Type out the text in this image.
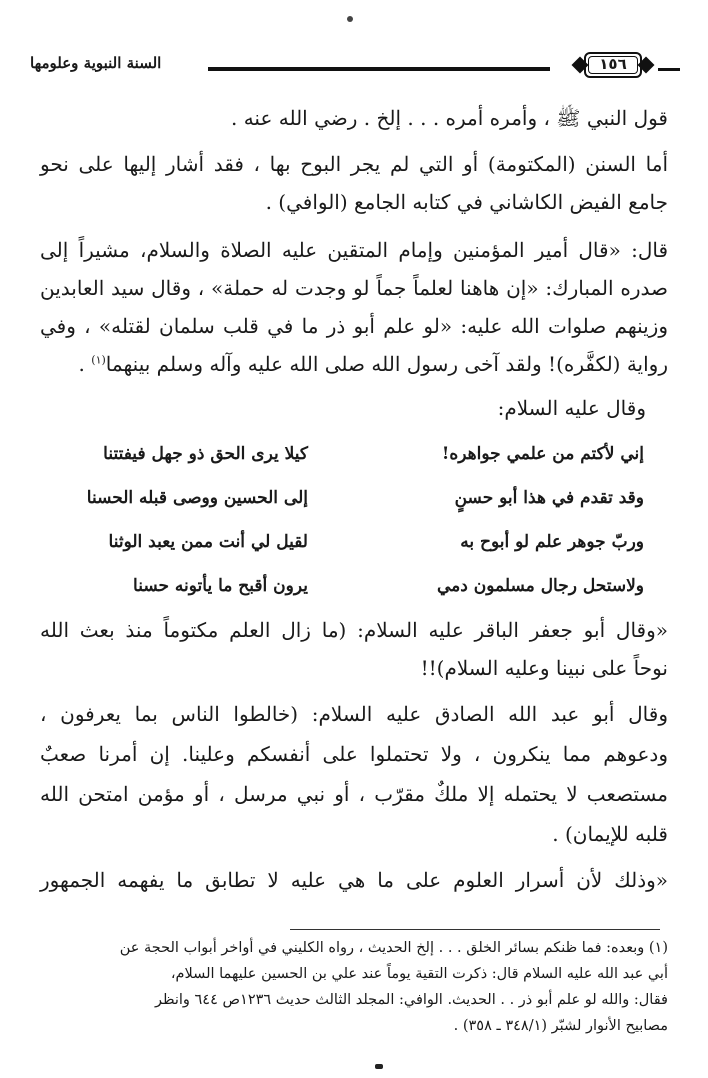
السنة النبوية وعلومها	١٥٦
قول النبي ﷺ ، وأمره أمره . . . إلخ . رضي الله عنه .
أما السنن (المكتومة) أو التي لم يجر البوح بها ، فقد أشار إليها على نحو
جامع الفيض الكاشاني في كتابه الجامع (الوافي) .
قال: «قال أمير المؤمنين وإمام المتقين عليه الصلاة والسلام، مشيراً إلى
صدره المبارك: «إن هاهنا لعلماً جماً لو وجدت له حملة» ، وقال سيد العابدين
وزينهم صلوات الله عليه: «لو علم أبو ذر ما في قلب سلمان لقتله» ، وفي
رواية (لكفَّره)! ولقد آخى رسول الله صلى الله عليه وآله وسلم بينهما$^{(١)}$ .
وقال عليه السلام:
إني لأكتم من علمي جواهره!
كيلا يرى الحق ذو جهل فيفتتنا
وقد تقدم في هذا أبو حسنٍ
إلى الحسين ووصى قبله الحسنا
وربّ جوهر علم لو أبوح به
لقيل لي أنت ممن يعبد الوثنا
ولاستحل رجال مسلمون دمي
يرون أقبح ما يأتونه حسنا
«وقال أبو جعفر الباقر عليه السلام: (ما زال العلم مكتوماً منذ بعث الله
نوحاً على نبينا وعليه السلام)!!
وقال أبو عبد الله الصادق عليه السلام: (خالطوا الناس بما يعرفون ،
ودعوهم مما ينكرون ، ولا تحتملوا على أنفسكم وعلينا. إن أمرنا صعبٌ
مستصعب لا يحتمله إلا ملكٌ مقرّب ، أو نبي مرسل ، أو مؤمن امتحن الله
قلبه للإيمان) .
«وذلك لأن أسرار العلوم على ما هي عليه لا تطابق ما يفهمه الجمهور
(١) وبعده: فما ظنكم بسائر الخلق . . . إلخ الحديث ، رواه الكليني في أواخر أبواب الحجة عن
أبي عبد الله عليه السلام قال: ذكرت التقية يوماً عند علي بن الحسين عليهما السلام،
فقال: والله لو علم أبو ذر . . الحديث. الوافي: المجلد الثالث حديث ١٢٣٦ص ٦٤٤ وانظر
مصابيح الأنوار لشبّر (٣٤٨/١ ـ ٣٥٨) .
